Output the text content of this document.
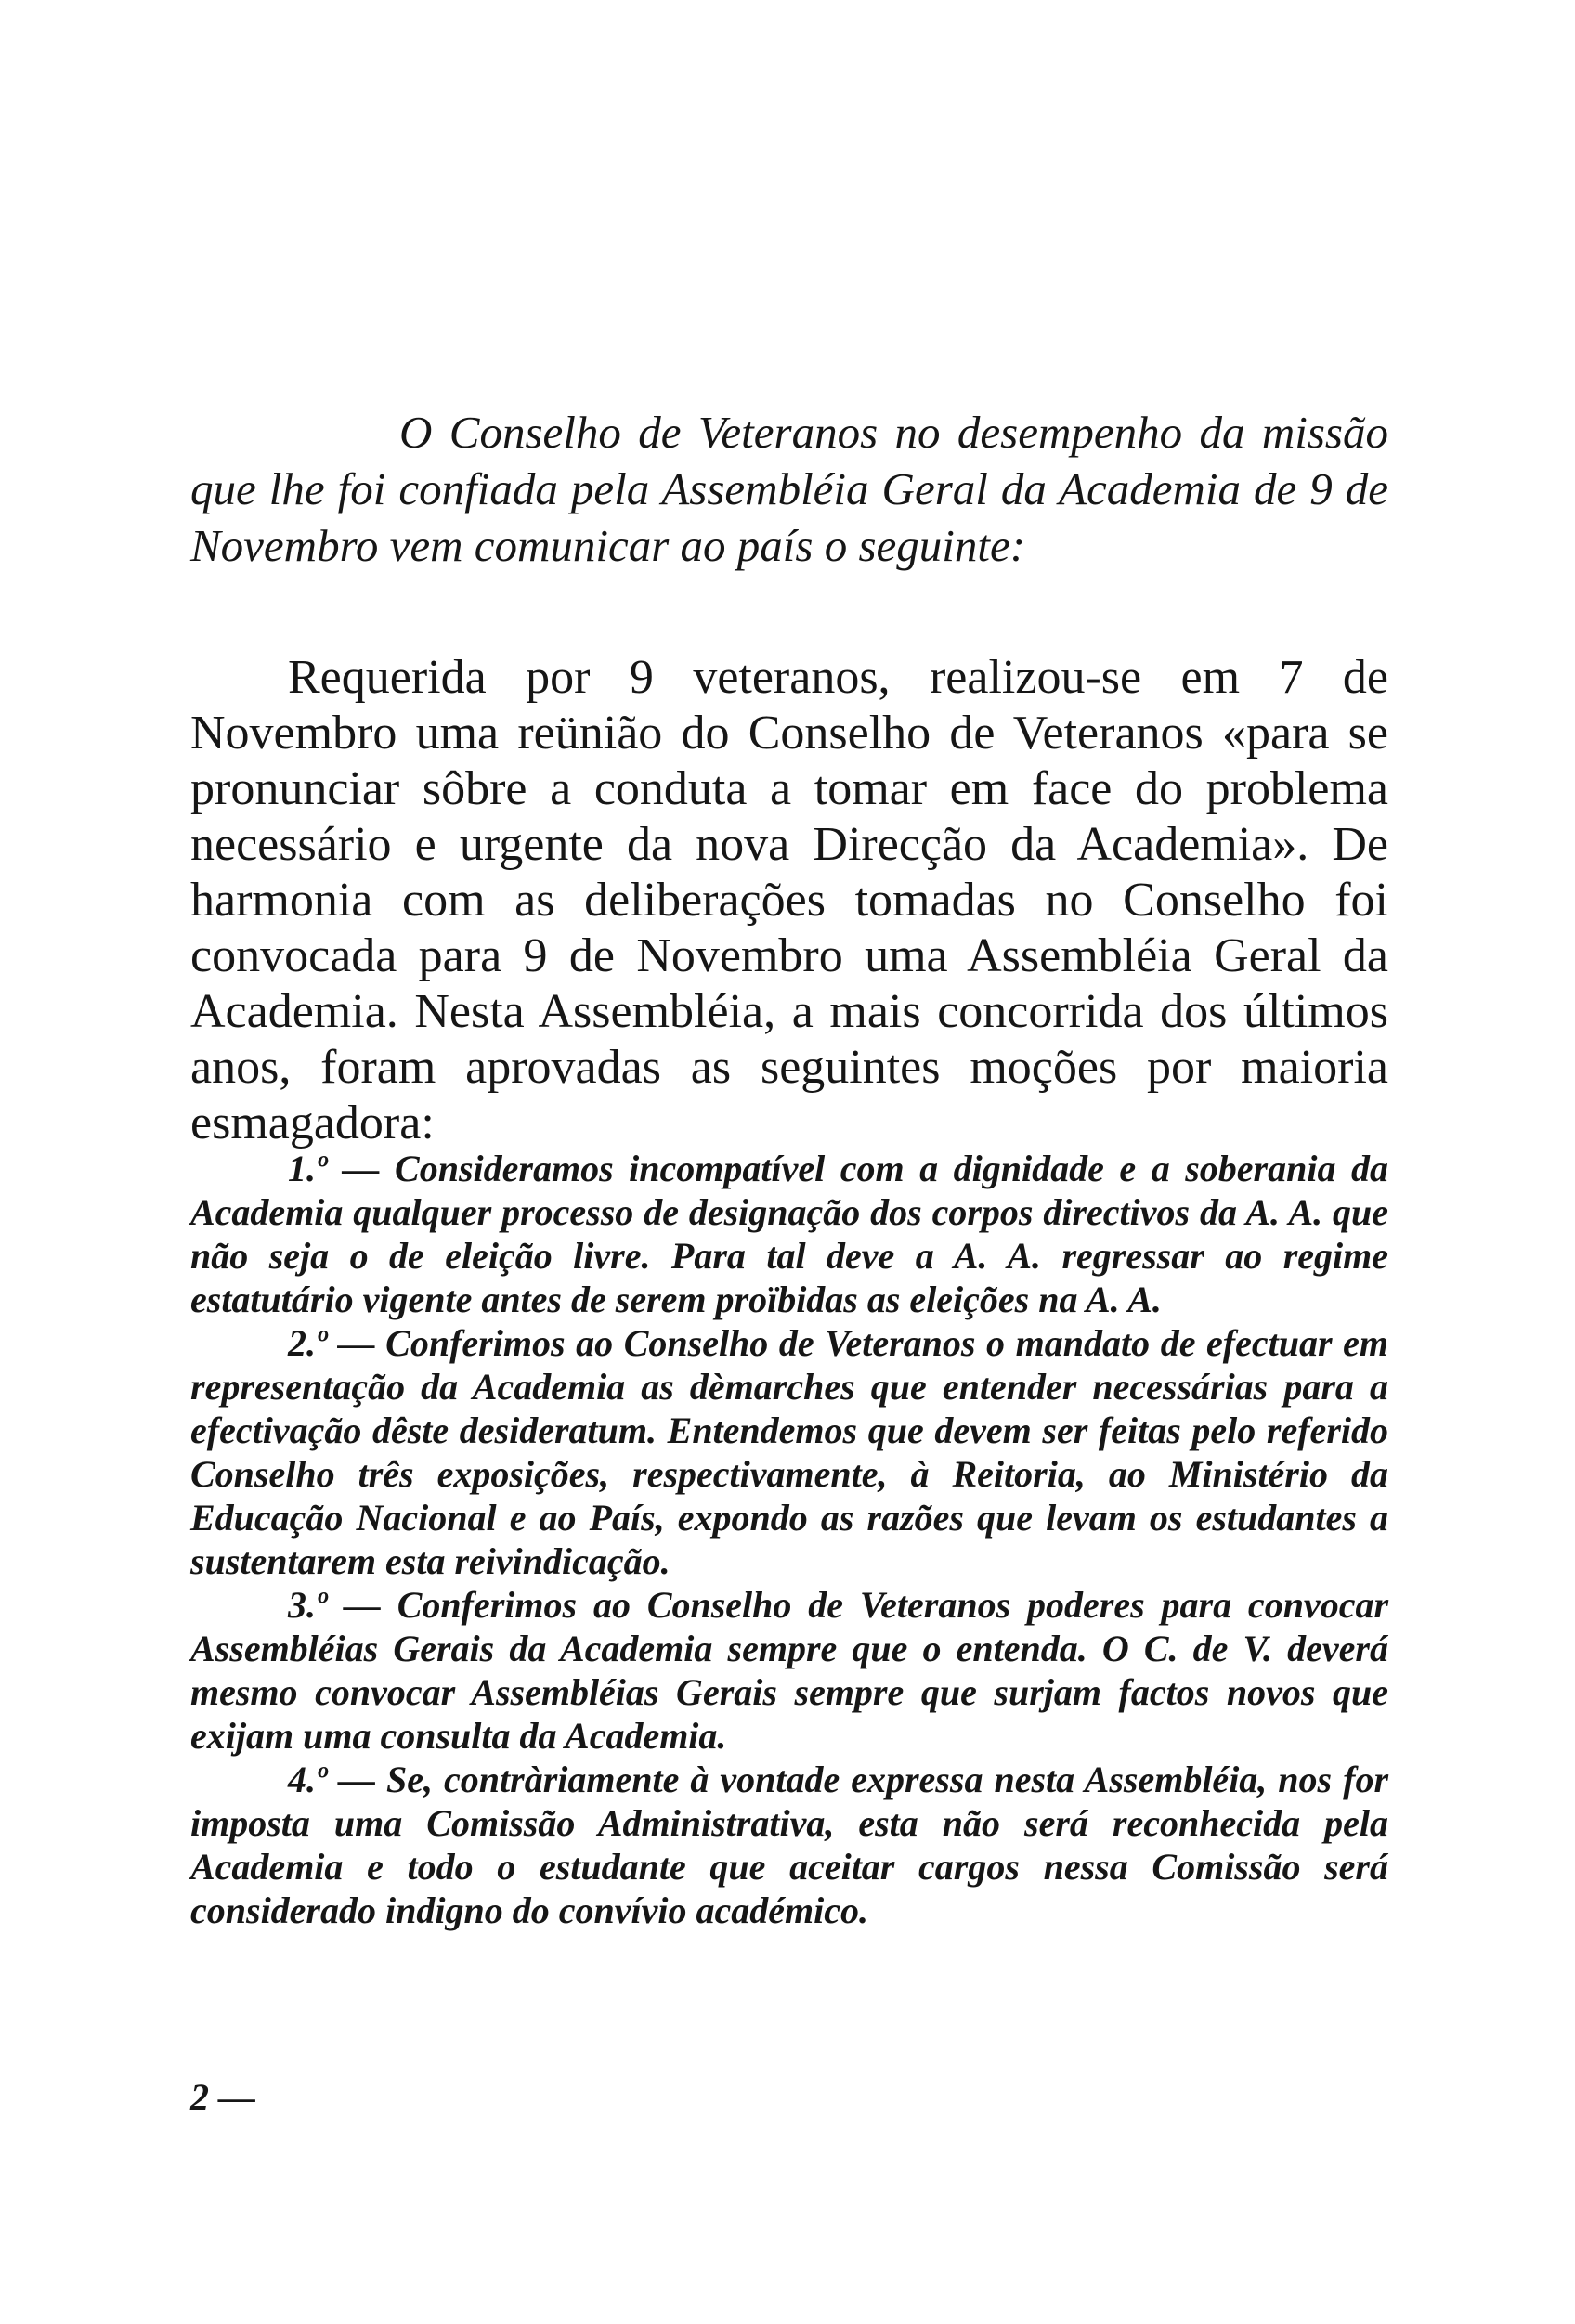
O Conselho de Veteranos no desempenho da missão que lhe foi confiada pela Assembléia Geral da Academia de 9 de Novembro vem comunicar ao país o seguinte:

Requerida por 9 veteranos, realizou-se em 7 de Novembro uma reünião do Conselho de Veteranos «para se pronunciar sôbre a conduta a tomar em face do problema necessário e urgente da nova Direcção da Academia». De harmonia com as deliberações tomadas no Conselho foi convocada para 9 de Novembro uma Assembléia Geral da Academia. Nesta Assembléia, a mais concorrida dos últimos anos, foram aprovadas as seguintes moções por maioria esmagadora:

1.º — Consideramos incompatível com a dignidade e a soberania da Academia qualquer processo de designação dos corpos directivos da A. A. que não seja o de eleição livre. Para tal deve a A. A. regressar ao regime estatutário vigente antes de serem proïbidas as eleições na A. A.

2.º — Conferimos ao Conselho de Veteranos o mandato de efectuar em representação da Academia as dèmarches que entender necessárias para a efectivação dêste desideratum. Entendemos que devem ser feitas pelo referido Conselho três exposições, respectivamente, à Reitoria, ao Ministério da Educação Nacional e ao País, expondo as razões que levam os estudantes a sustentarem esta reivindicação.

3.º — Conferimos ao Conselho de Veteranos poderes para convocar Assembléias Gerais da Academia sempre que o entenda. O C. de V. deverá mesmo convocar Assembléias Gerais sempre que surjam factos novos que exijam uma consulta da Academia.

4.º — Se, contràriamente à vontade expressa nesta Assembléia, nos for imposta uma Comissão Administrativa, esta não será reconhecida pela Academia e todo o estudante que aceitar cargos nessa Comissão será considerado indigno do convívio académico.

2 —
